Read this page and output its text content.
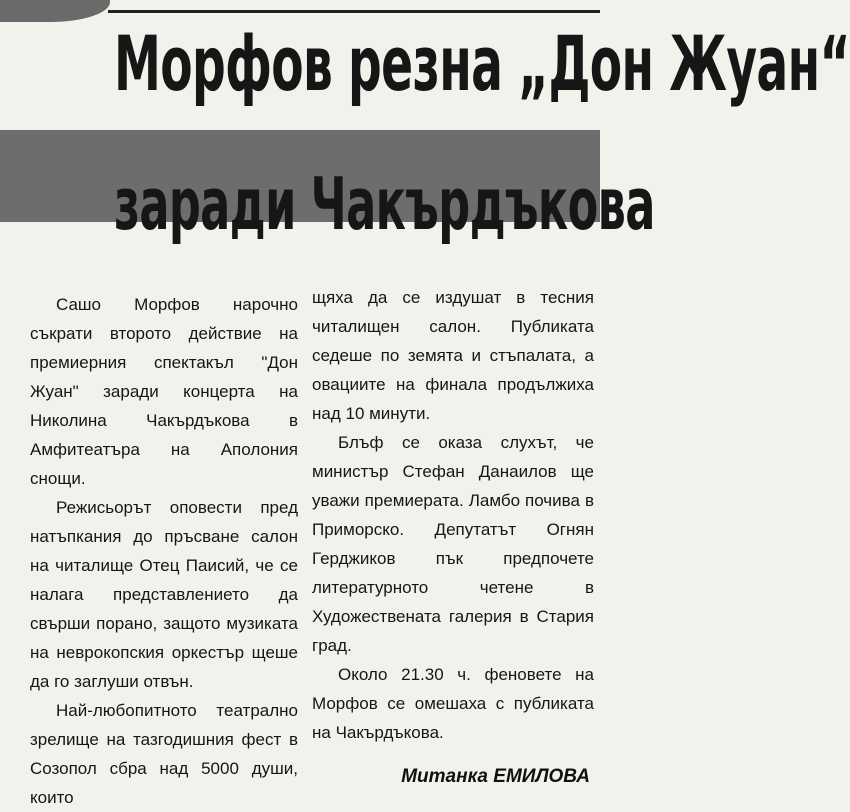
Морфов резна „Дон Жуан“
заради Чакърдъкова

Сашо Морфов нарочно съкрати второто действие на премиерния спектакъл "Дон Жуан" заради концерта на Николина Чакърдъкова в Амфитеатъра на Аполония снощи.

Режисьорът оповести пред натъпкания до пръсване салон на читалище Отец Паисий, че се налага представлението да свърши порано, защото музиката на неврокопския оркестър щеше да го заглуши отвън.

Най-любопитното театрално зрелище на тазгодишния фест в Созопол сбра над 5000 души, които

щяха да се издушат в тесния читалищен салон. Публиката седеше по земята и стъпалата, а овациите на финала продължиха над 10 минути.

Блъф се оказа слухът, че министър Стефан Данаилов ще уважи премиерата. Ламбо почива в Приморско. Депутатът Огнян Герджиков пък предпочете литературното четене в Художествената галерия в Стария град.

Около 21.30 ч. феновете на Морфов се омешаха с публиката на Чакърдъкова.

Митанка ЕМИЛОВА
